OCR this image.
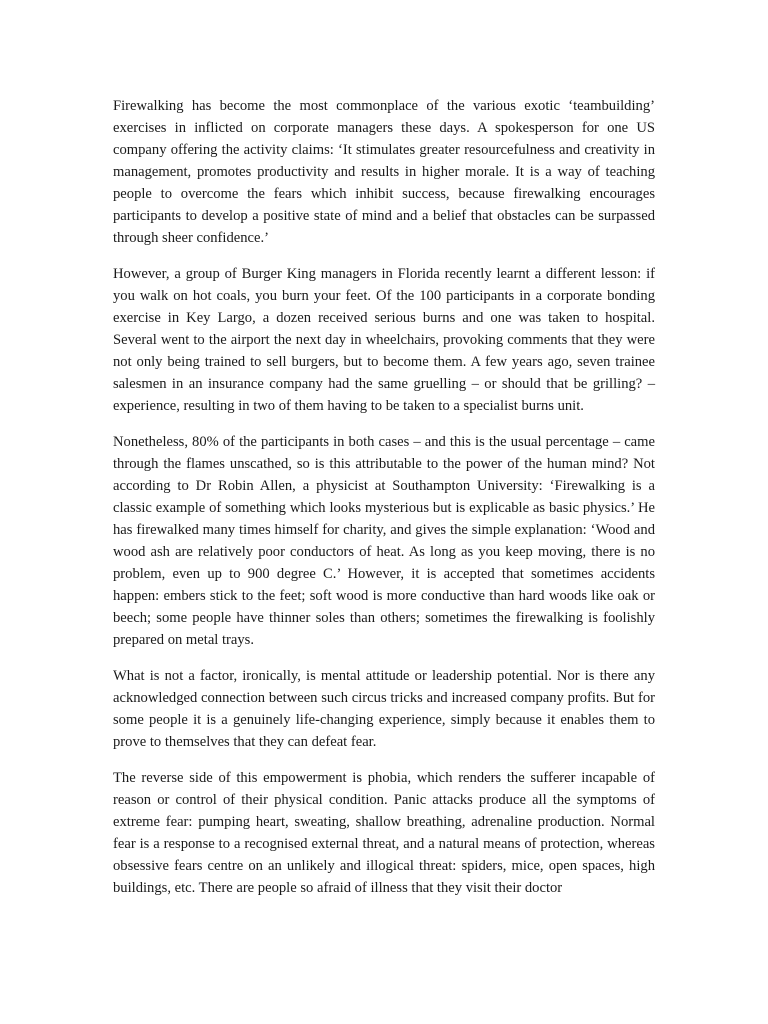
Firewalking has become the most commonplace of the various exotic ‘teambuilding’ exercises in inflicted on corporate managers these days. A spokesperson for one US company offering the activity claims: ‘It stimulates greater resourcefulness and creativity in management, promotes productivity and results in higher morale. It is a way of teaching people to overcome the fears which inhibit success, because firewalking encourages participants to develop a positive state of mind and a belief that obstacles can be surpassed through sheer confidence.’

However, a group of Burger King managers in Florida recently learnt a different lesson: if you walk on hot coals, you burn your feet. Of the 100 participants in a corporate bonding exercise in Key Largo, a dozen received serious burns and one was taken to hospital. Several went to the airport the next day in wheelchairs, provoking comments that they were not only being trained to sell burgers, but to become them. A few years ago, seven trainee salesmen in an insurance company had the same gruelling – or should that be grilling? – experience, resulting in two of them having to be taken to a specialist burns unit.

Nonetheless, 80% of the participants in both cases – and this is the usual percentage – came through the flames unscathed, so is this attributable to the power of the human mind? Not according to Dr Robin Allen, a physicist at Southampton University: ‘Firewalking is a classic example of something which looks mysterious but is explicable as basic physics.’ He has firewalked many times himself for charity, and gives the simple explanation: ‘Wood and wood ash are relatively poor conductors of heat. As long as you keep moving, there is no problem, even up to 900 degree C.’ However, it is accepted that sometimes accidents happen: embers stick to the feet; soft wood is more conductive than hard woods like oak or beech; some people have thinner soles than others; sometimes the firewalking is foolishly prepared on metal trays.

What is not a factor, ironically, is mental attitude or leadership potential. Nor is there any acknowledged connection between such circus tricks and increased company profits. But for some people it is a genuinely life-changing experience, simply because it enables them to prove to themselves that they can defeat fear.

The reverse side of this empowerment is phobia, which renders the sufferer incapable of reason or control of their physical condition. Panic attacks produce all the symptoms of extreme fear: pumping heart, sweating, shallow breathing, adrenaline production. Normal fear is a response to a recognised external threat, and a natural means of protection, whereas obsessive fears centre on an unlikely and illogical threat: spiders, mice, open spaces, high buildings, etc. There are people so afraid of illness that they visit their doctor
